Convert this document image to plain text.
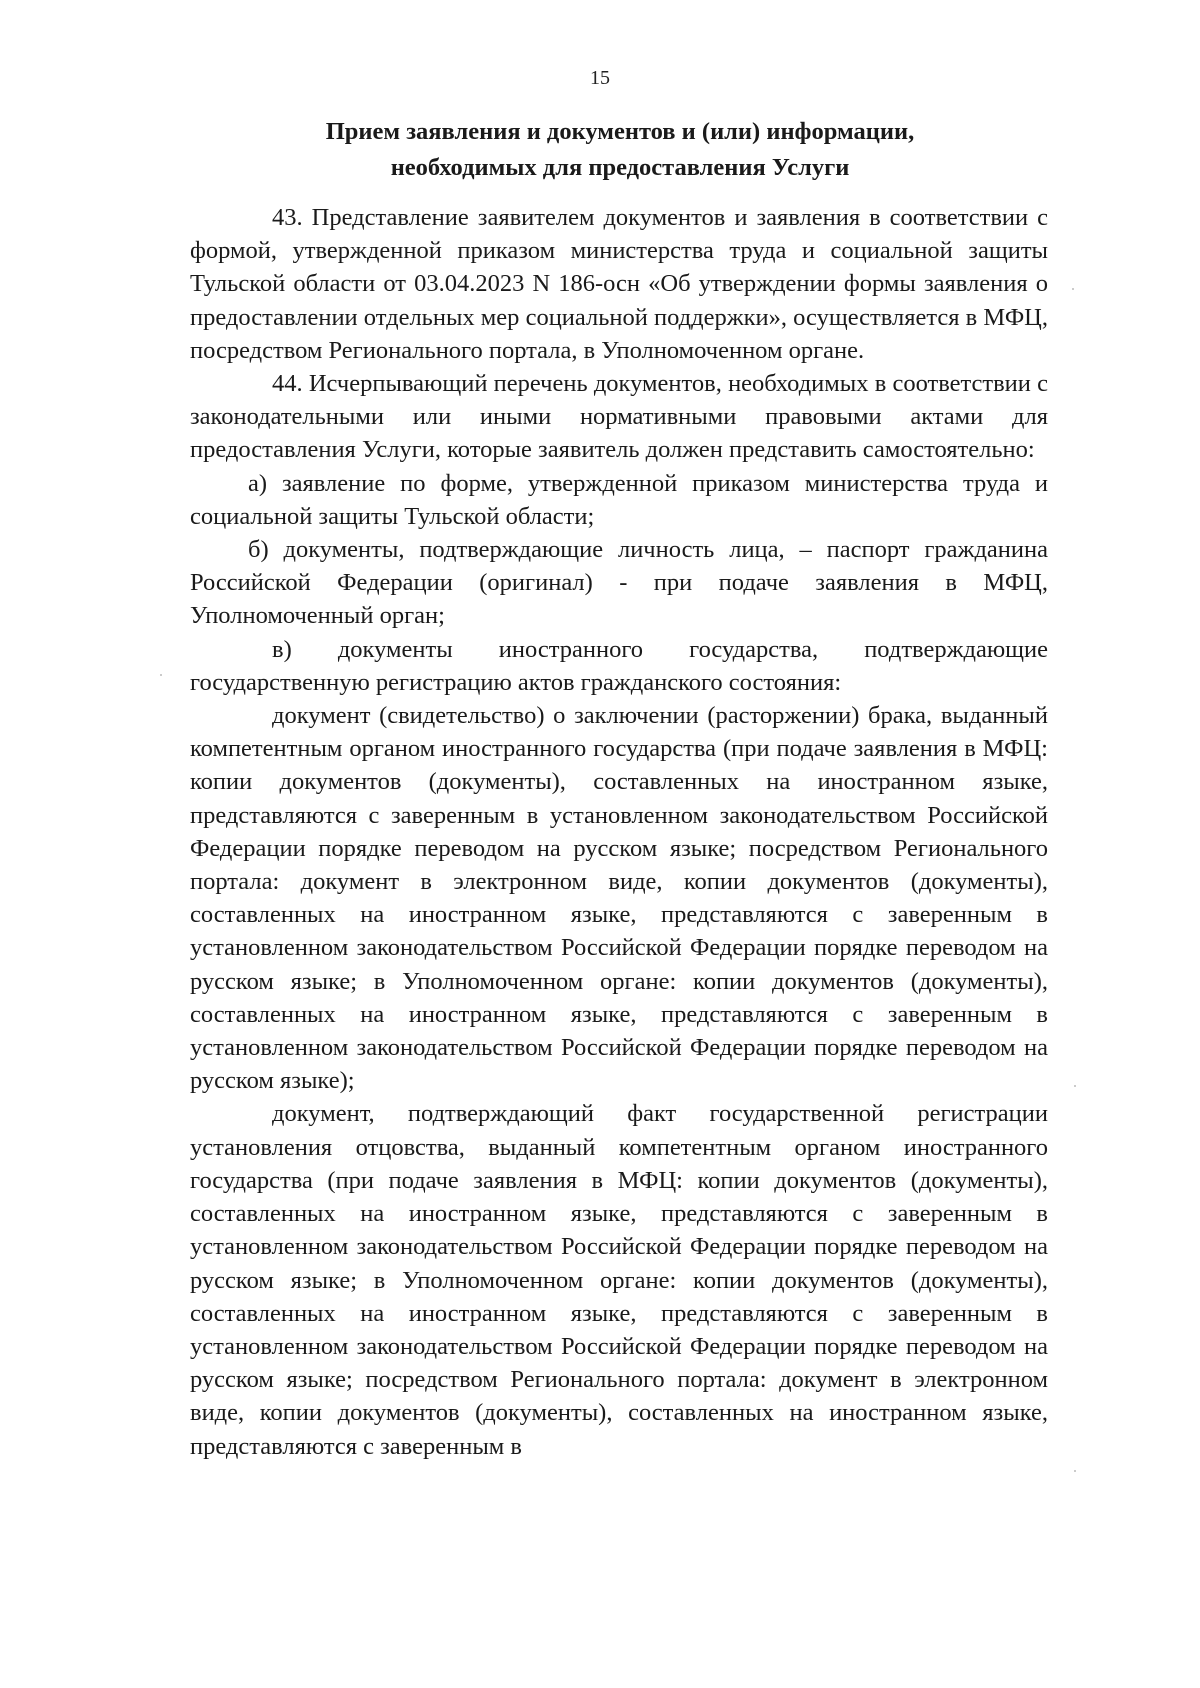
15
Прием заявления и документов и (или) информации,
необходимых для предоставления Услуги

43. Представление заявителем документов и заявления в соответствии с формой, утвержденной приказом министерства труда и социальной защиты Тульской области от 03.04.2023 N 186-осн «Об утверждении формы заявления о предоставлении отдельных мер социальной поддержки», осуществляется в МФЦ, посредством Регионального портала, в Уполномоченном органе.

44. Исчерпывающий перечень документов, необходимых в соответствии с законодательными или иными нормативными правовыми актами для предоставления Услуги, которые заявитель должен представить самостоятельно:

а) заявление по форме, утвержденной приказом министерства труда и социальной защиты Тульской области;

б) документы, подтверждающие личность лица, – паспорт гражданина Российской Федерации (оригинал) - при подаче заявления в МФЦ, Уполномоченный орган;

в) документы иностранного государства, подтверждающие государственную регистрацию актов гражданского состояния:

документ (свидетельство) о заключении (расторжении) брака, выданный компетентным органом иностранного государства (при подаче заявления в МФЦ: копии документов (документы), составленных на иностранном языке, представляются с заверенным в установленном законодательством Российской Федерации порядке переводом на русском языке; посредством Регионального портала: документ в электронном виде, копии документов (документы), составленных на иностранном языке, представляются с заверенным в установленном законодательством Российской Федерации порядке переводом на русском языке; в Уполномоченном органе: копии документов (документы), составленных на иностранном языке, представляются с заверенным в установленном законодательством Российской Федерации порядке переводом на русском языке);

документ, подтверждающий факт государственной регистрации установления отцовства, выданный компетентным органом иностранного государства (при подаче заявления в МФЦ: копии документов (документы), составленных на иностранном языке, представляются с заверенным в установленном законодательством Российской Федерации порядке переводом на русском языке; в Уполномоченном органе: копии документов (документы), составленных на иностранном языке, представляются с заверенным в установленном законодательством Российской Федерации порядке переводом на русском языке; посредством Регионального портала: документ в электронном виде, копии документов (документы), составленных на иностранном языке, представляются с заверенным в
